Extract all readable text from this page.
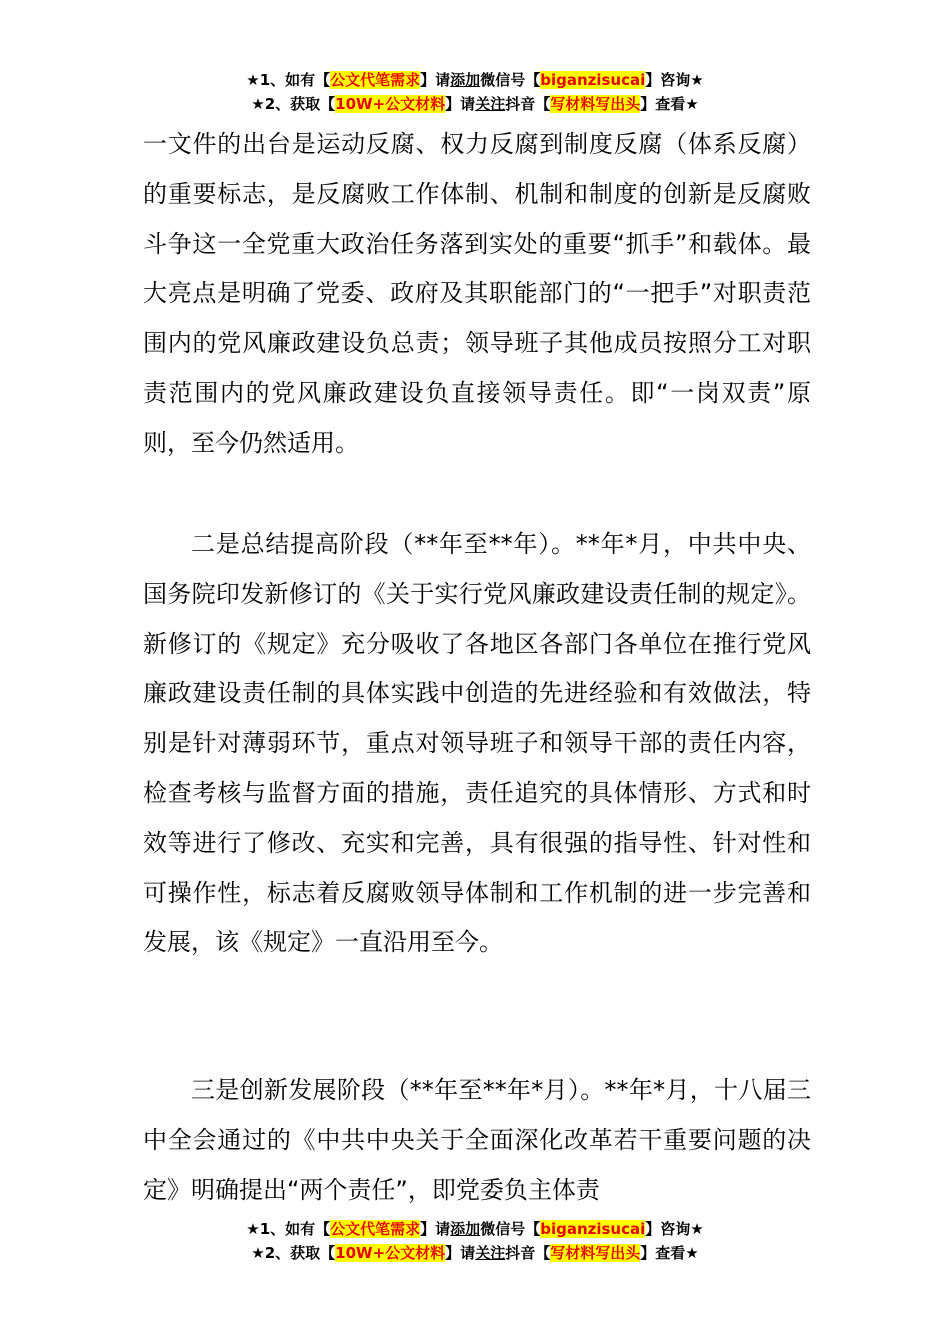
★1、如有【公文代笔需求】请添加微信号【biganzisucai】咨询★
★2、获取【10W+公文材料】请关注抖音【写材料写出头】查看★

一文件的出台是运动反腐、权力反腐到制度反腐（体系反腐）的重要标志，是反腐败工作体制、机制和制度的创新是反腐败斗争这一全党重大政治任务落到实处的重要“抓手”和载体。最大亮点是明确了党委、政府及其职能部门的“一把手”对职责范围内的党风廉政建设负总责；领导班子其他成员按照分工对职责范围内的党风廉政建设负直接领导责任。即“一岗双责”原则，至今仍然适用。

二是总结提高阶段（**年至**年）。**年*月，中共中央、国务院印发新修订的《关于实行党风廉政建设责任制的规定》。新修订的《规定》充分吸收了各地区各部门各单位在推行党风廉政建设责任制的具体实践中创造的先进经验和有效做法，特别是针对薄弱环节，重点对领导班子和领导干部的责任内容，检查考核与监督方面的措施，责任追究的具体情形、方式和时效等进行了修改、充实和完善，具有很强的指导性、针对性和可操作性，标志着反腐败领导体制和工作机制的进一步完善和发展，该《规定》一直沿用至今。

三是创新发展阶段（**年至**年*月）。**年*月，十八届三中全会通过的《中共中央关于全面深化改革若干重要问题的决定》明确提出“两个责任”，即党委负主体责

★1、如有【公文代笔需求】请添加微信号【biganzisucai】咨询★
★2、获取【10W+公文材料】请关注抖音【写材料写出头】查看★
